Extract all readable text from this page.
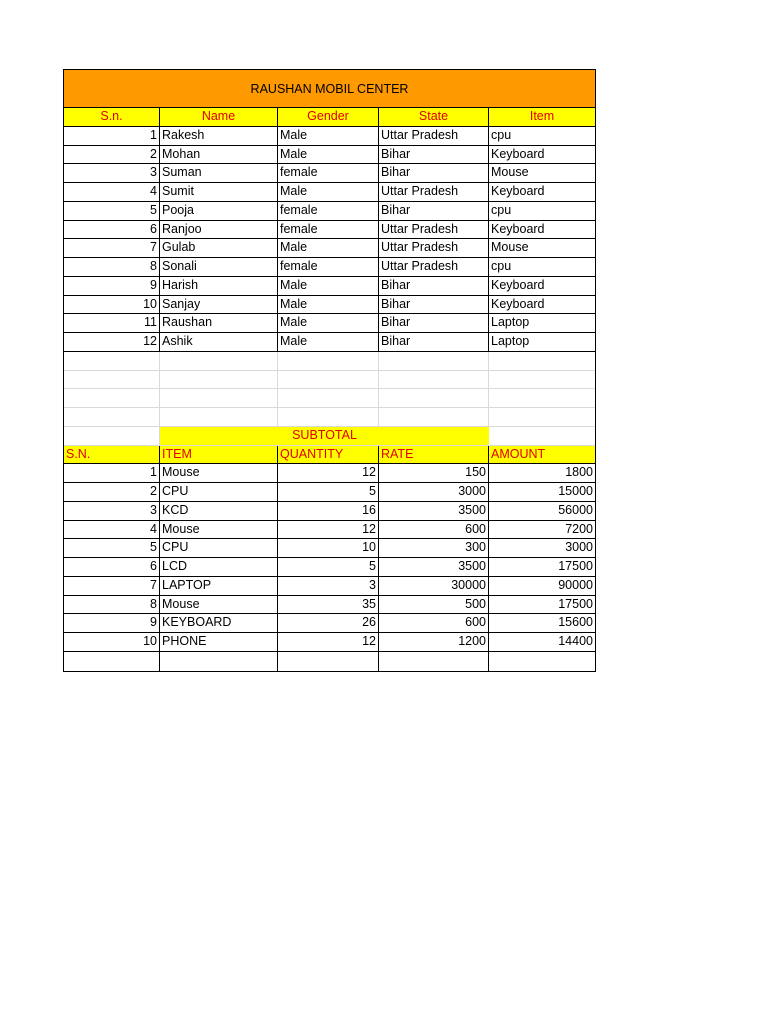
RAUSHAN MOBIL CENTER
S.n.	Name	Gender	State	Item
1 Rakesh	Male	Uttar Pradesh	cpu
2 Mohan	Male	Bihar	Keyboard
3 Suman	female	Bihar	Mouse
4 Sumit	Male	Uttar Pradesh	Keyboard
5 Pooja	female	Bihar	cpu
6 Ranjoo	female	Uttar Pradesh	Keyboard
7 Gulab	Male	Uttar Pradesh	Mouse
8 Sonali	female	Uttar Pradesh	cpu
9 Harish	Male	Bihar	Keyboard
10 Sanjay	Male	Bihar	Keyboard
11 Raushan	Male	Bihar	Laptop
12 Ashik	Male	Bihar	Laptop
SUBTOTAL
S.N.	ITEM	QUANTITY	RATE	AMOUNT
1 Mouse	12	150	1800
2 CPU	5	3000	15000
3 KCD	16	3500	56000
4 Mouse	12	600	7200
5 CPU	10	300	3000
6 LCD	5	3500	17500
7 LAPTOP	3	30000	90000
8 Mouse	35	500	17500
9 KEYBOARD	26	600	15600
10 PHONE	12	1200	14400
